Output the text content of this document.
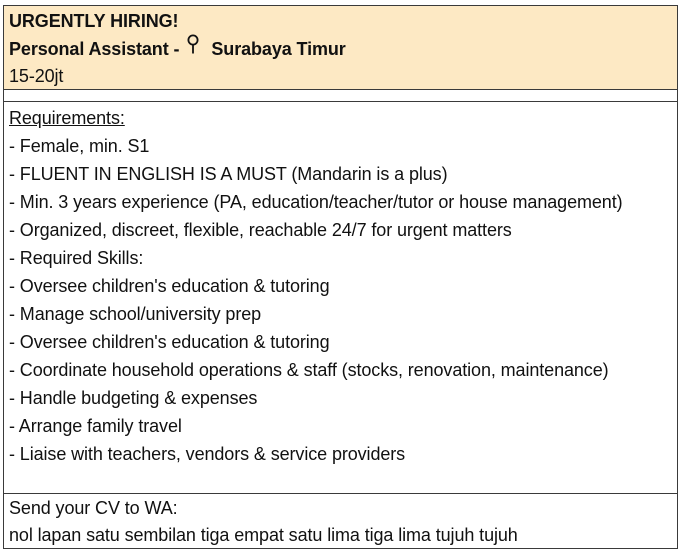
URGENTLY HIRING!
Personal Assistant - Surabaya Timur
15-20jt
Requirements:
- Female, min. S1
- FLUENT IN ENGLISH IS A MUST (Mandarin is a plus)
- Min. 3 years experience (PA, education/teacher/tutor or house management)
- Organized, discreet, flexible, reachable 24/7 for urgent matters
- Required Skills:
- Oversee children's education & tutoring
- Manage school/university prep
- Oversee children's education & tutoring
- Coordinate household operations & staff (stocks, renovation, maintenance)
- Handle budgeting & expenses
- Arrange family travel
- Liaise with teachers, vendors & service providers
Send your CV to WA:
nol lapan satu sembilan tiga empat satu lima tiga lima tujuh tujuh
